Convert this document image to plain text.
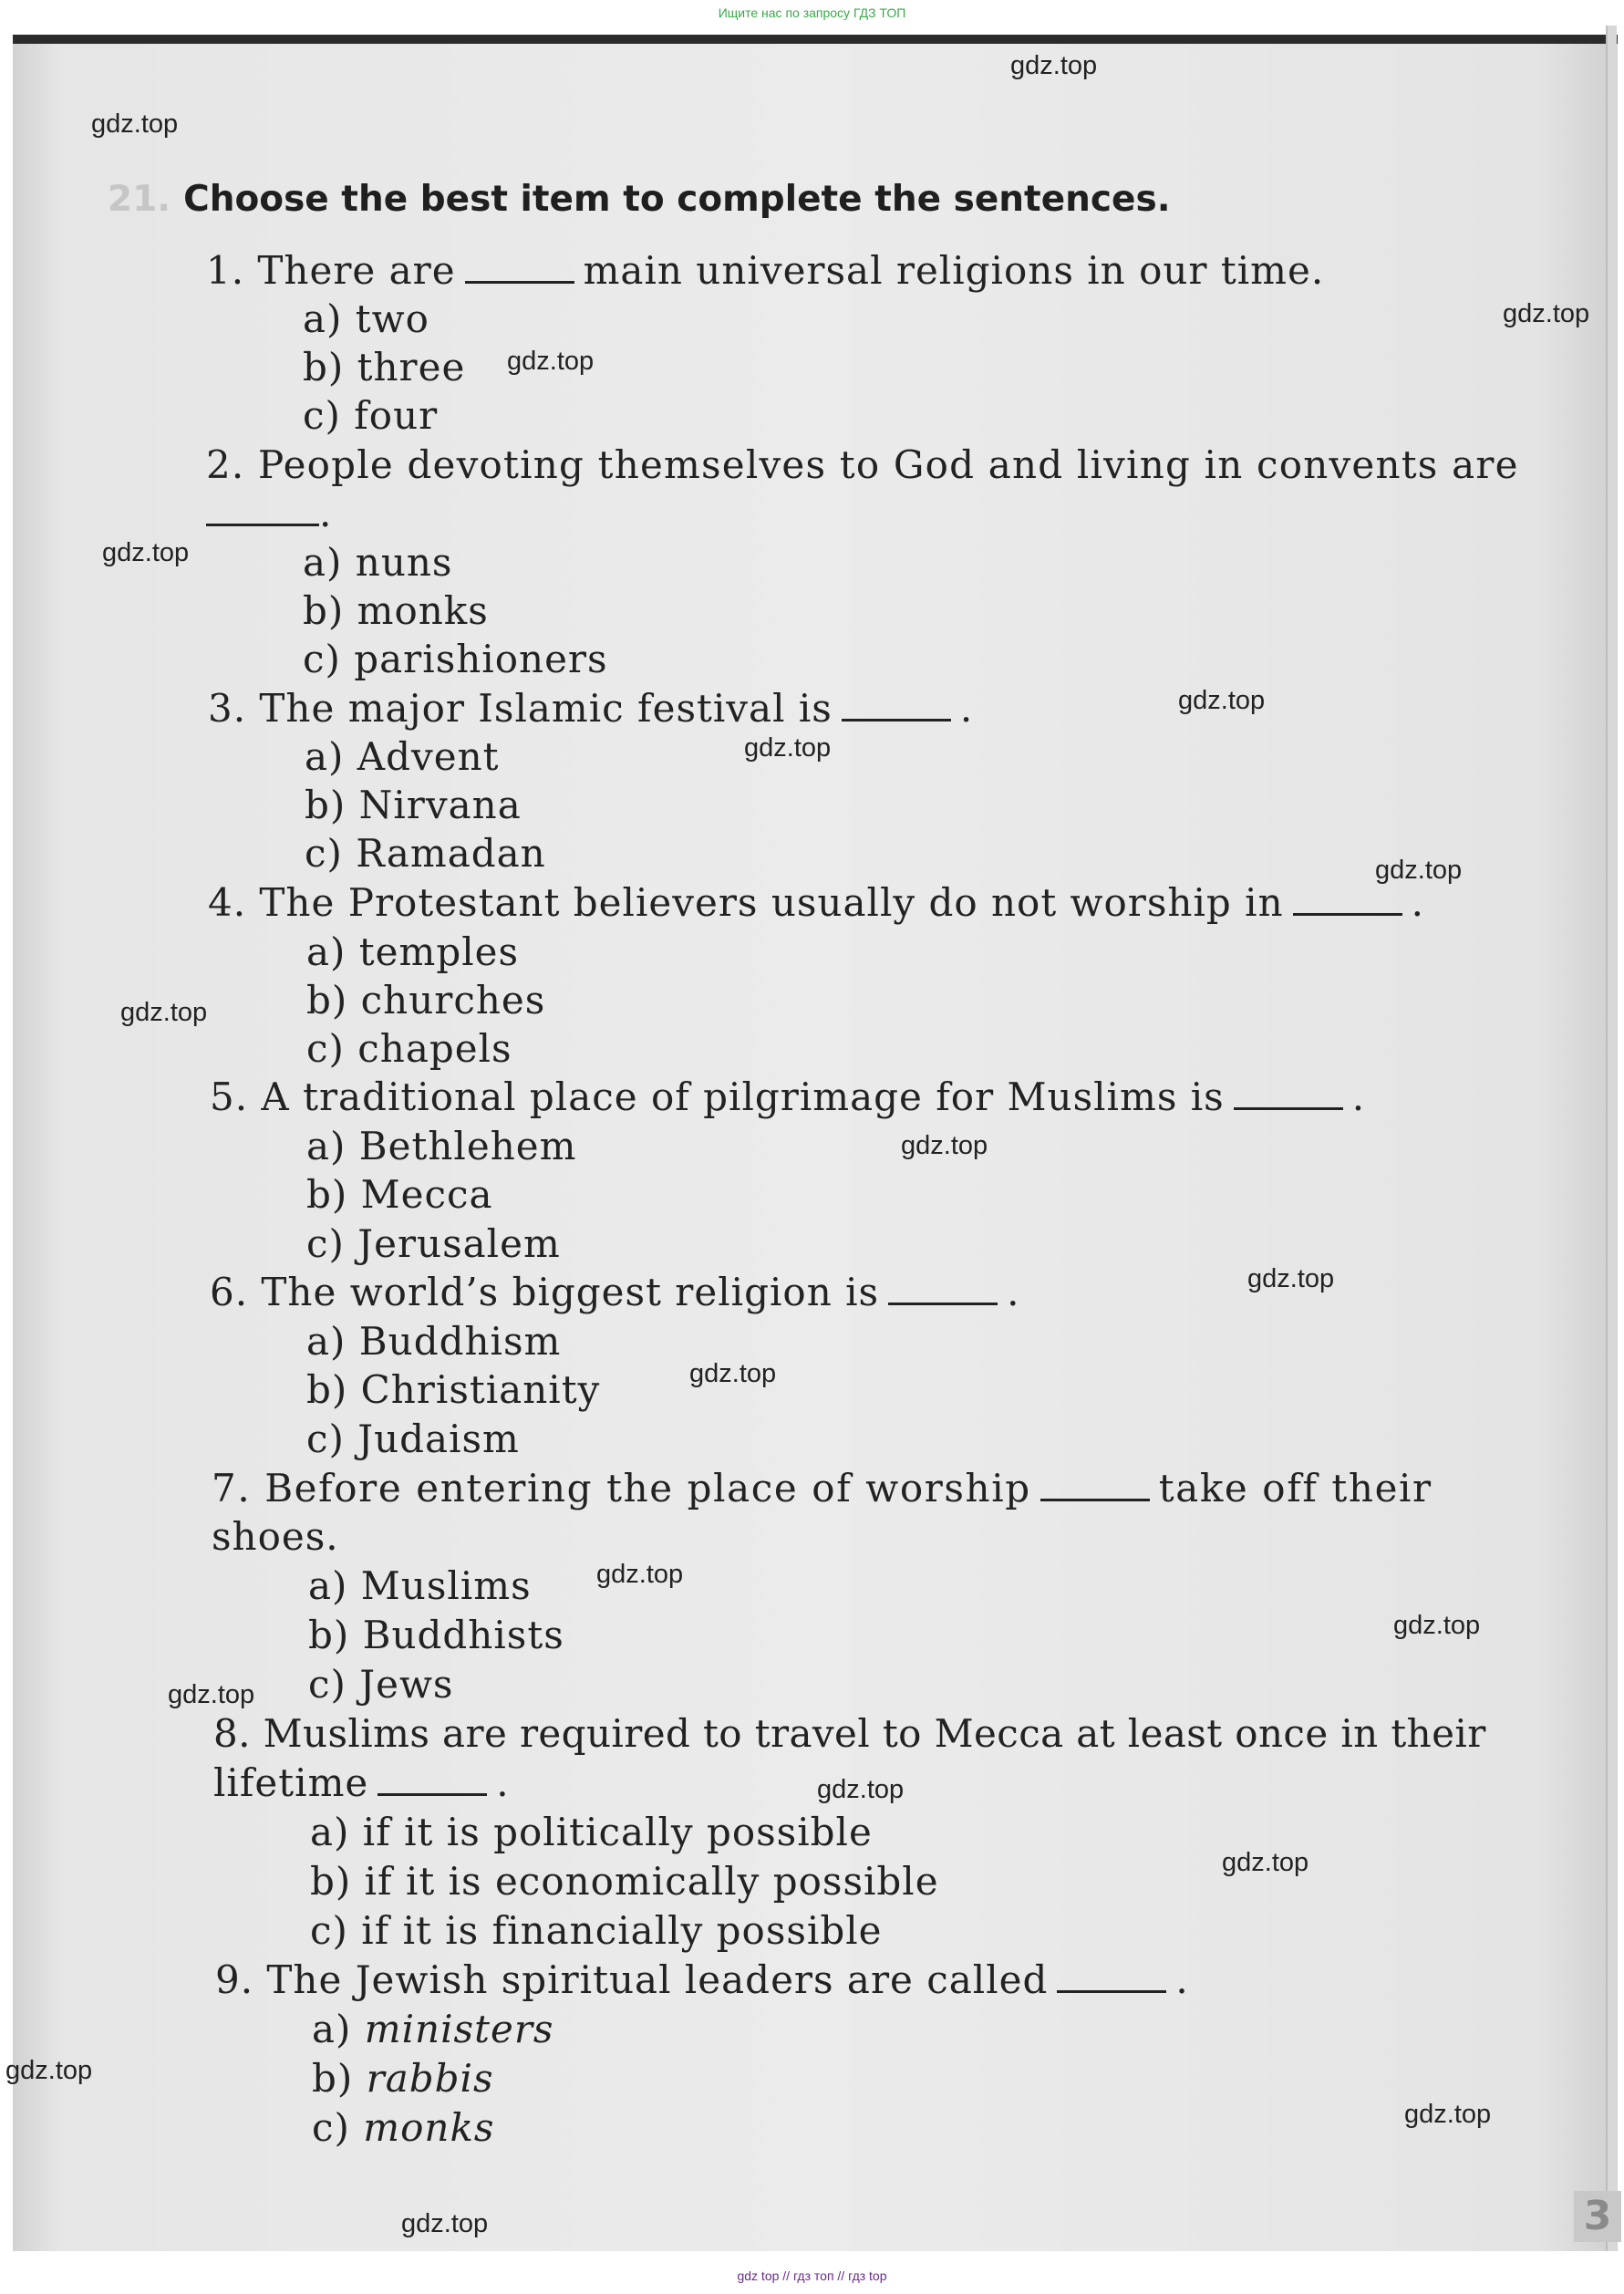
Ищите нас по запросу ГДЗ ТОП
21. Choose the best item to complete the sentences.
1. There are	main universal religions in our time.
a) two
b) three
c) four
2. People devoting themselves to God and living in convents are
.
a) nuns
b) monks
c) parishioners
3. The major Islamic festival is	.
a) Advent
b) Nirvana
c) Ramadan
4. The Protestant believers usually do not worship in	.
a) temples
b) churches
c) chapels
5. A traditional place of pilgrimage for Muslims is	.
a) Bethlehem
b) Mecca
c) Jerusalem
6. The world’s biggest religion is	.
a) Buddhism
b) Christianity
c) Judaism
7. Before entering the place of worship	take off their
shoes.
a) Muslims
b) Buddhists
c) Jews
8. Muslims are required to travel to Mecca at least once in their
lifetime	.
a) if it is politically possible
b) if it is economically possible
c) if it is financially possible
9. The Jewish spiritual leaders are called	.
a) ministers
b) rabbis
c) monks
3
gdz.top
gdz.top
gdz.top
gdz.top
gdz.top
gdz.top
gdz.top
gdz.top
gdz.top
gdz.top
gdz.top
gdz.top
gdz.top
gdz.top
gdz.top
gdz.top
gdz.top
gdz.top
gdz.top
gdz.top
gdz top // гдз топ // гдз top
